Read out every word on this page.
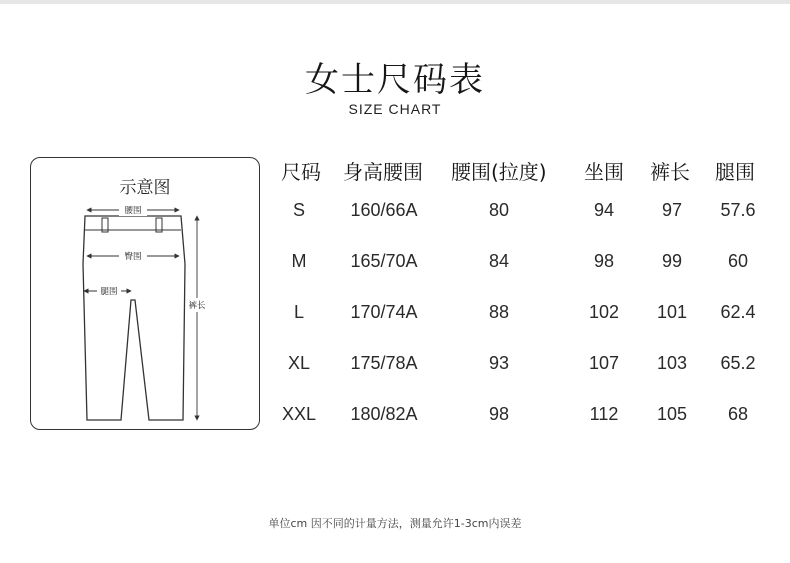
女士尺码表
SIZE CHART
示意图
腰围
臀围
腿围
裤长
尺码 身高腰围 腰围(拉度) 坐围 裤长 腿围
S	160/66A	80	94	97 57.6
M 165/70A	84	98	99	60
L	170/74A	88	102 101 62.4
XL 175/78A	93	107 103 65.2
XXL 180/82A	98	112 105 68
单位cm 因不同的计量方法，测量允许1-3cm内误差
